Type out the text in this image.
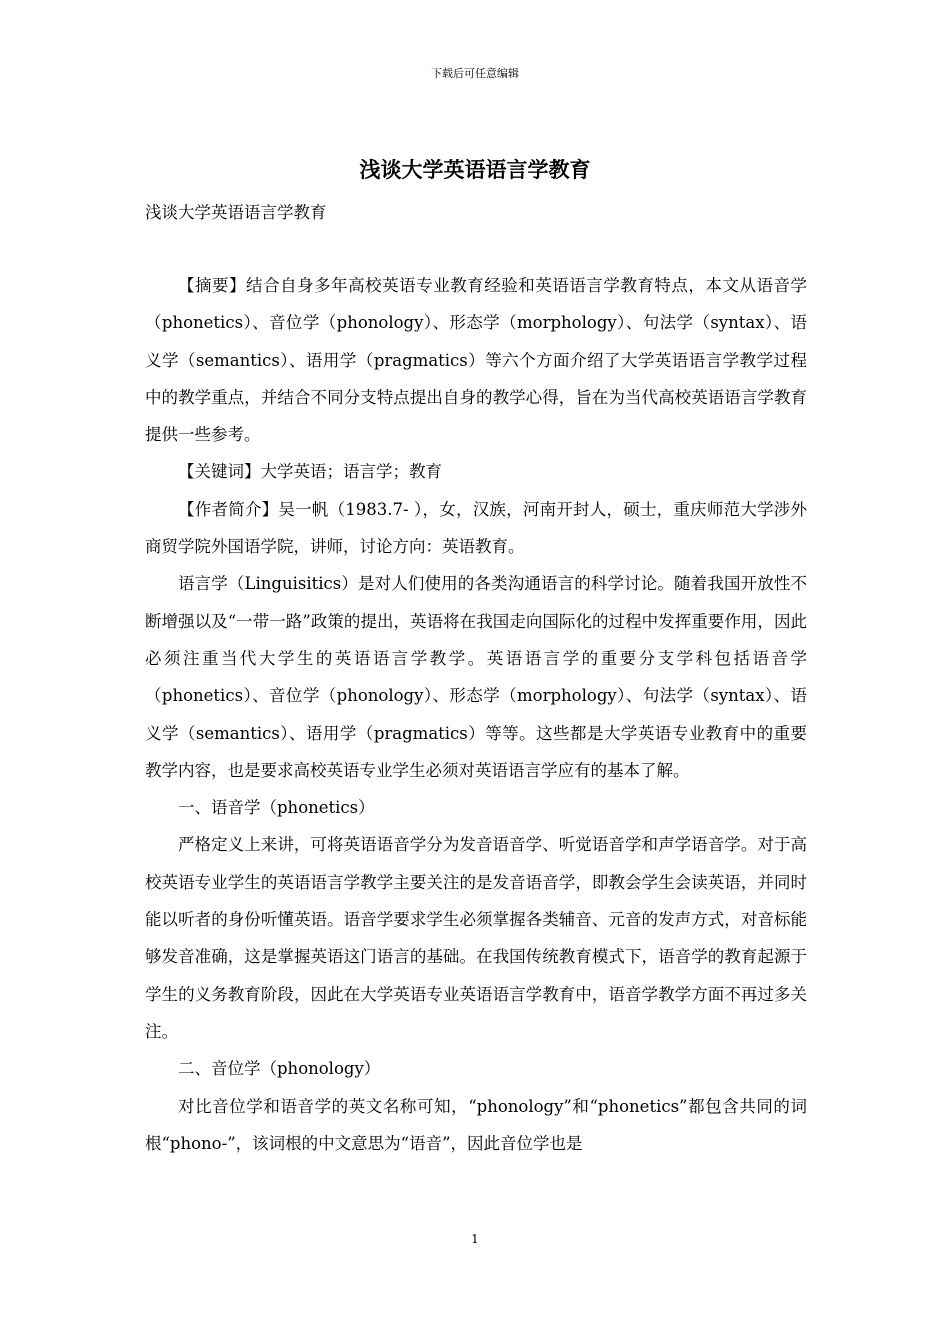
下载后可任意编辑
浅谈大学英语语言学教育
浅谈大学英语语言学教育

【摘要】结合自身多年高校英语专业教育经验和英语语言学教育特点，本文从语音学（phonetics）、音位学（phonology）、形态学（morphology）、句法学（syntax）、语义学（semantics）、语用学（pragmatics）等六个方面介绍了大学英语语言学教学过程中的教学重点，并结合不同分支特点提出自身的教学心得，旨在为当代高校英语语言学教育提供一些参考。

【关键词】大学英语；语言学；教育

【作者简介】吴一帆（1983.7- ），女，汉族，河南开封人，硕士，重庆师范大学涉外商贸学院外国语学院，讲师，讨论方向：英语教育。

语言学（Linguisitics）是对人们使用的各类沟通语言的科学讨论。随着我国开放性不断增强以及“一带一路”政策的提出，英语将在我国走向国际化的过程中发挥重要作用，因此必须注重当代大学生的英语语言学教学。英语语言学的重要分支学科包括语音学（phonetics）、音位学（phonology）、形态学（morphology）、句法学（syntax）、语义学（semantics）、语用学（pragmatics）等等。这些都是大学英语专业教育中的重要教学内容，也是要求高校英语专业学生必须对英语语言学应有的基本了解。

一、语音学（phonetics）

严格定义上来讲，可将英语语音学分为发音语音学、听觉语音学和声学语音学。对于高校英语专业学生的英语语言学教学主要关注的是发音语音学，即教会学生会读英语，并同时能以听者的身份听懂英语。语音学要求学生必须掌握各类辅音、元音的发声方式，对音标能够发音准确，这是掌握英语这门语言的基础。在我国传统教育模式下，语音学的教育起源于学生的义务教育阶段，因此在大学英语专业英语语言学教育中，语音学教学方面不再过多关注。

二、音位学（phonology）

对比音位学和语音学的英文名称可知，“phonology”和“phonetics”都包含共同的词根“phono-”，该词根的中文意思为“语音”，因此音位学也是

1
